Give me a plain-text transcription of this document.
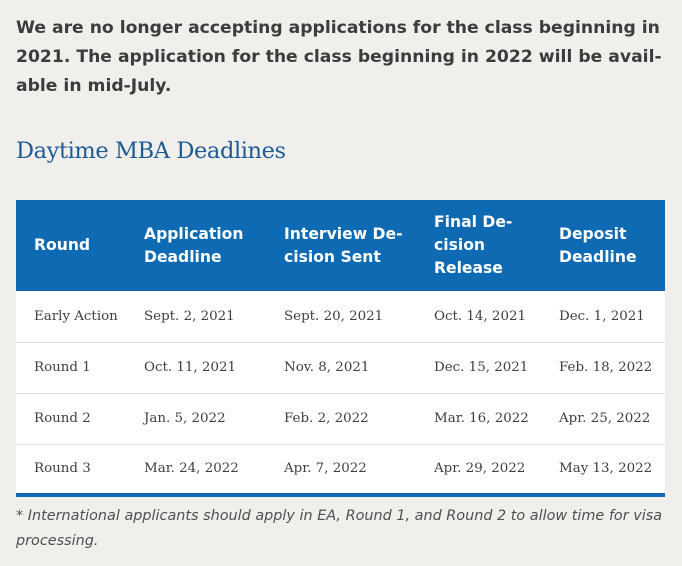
We are no longer accepting applications for the class beginning in 2021. The application for the class beginning in 2022 will be avail-able in mid-July.

Daytime MBA Deadlines
Round	Application Deadline	Interview De-cision Sent	Final De-cision Release	Deposit Deadline
Early Action	Sept. 2, 2021	Sept. 20, 2021	Oct. 14, 2021	Dec. 1, 2021
Round 1	Oct. 11, 2021	Nov. 8, 2021	Dec. 15, 2021	Feb. 18, 2022
Round 2	Jan. 5, 2022	Feb. 2, 2022	Mar. 16, 2022	Apr. 25, 2022
Round 3	Mar. 24, 2022	Apr. 7, 2022	Apr. 29, 2022	May 13, 2022

* International applicants should apply in EA, Round 1, and Round 2 to allow time for visa processing.
